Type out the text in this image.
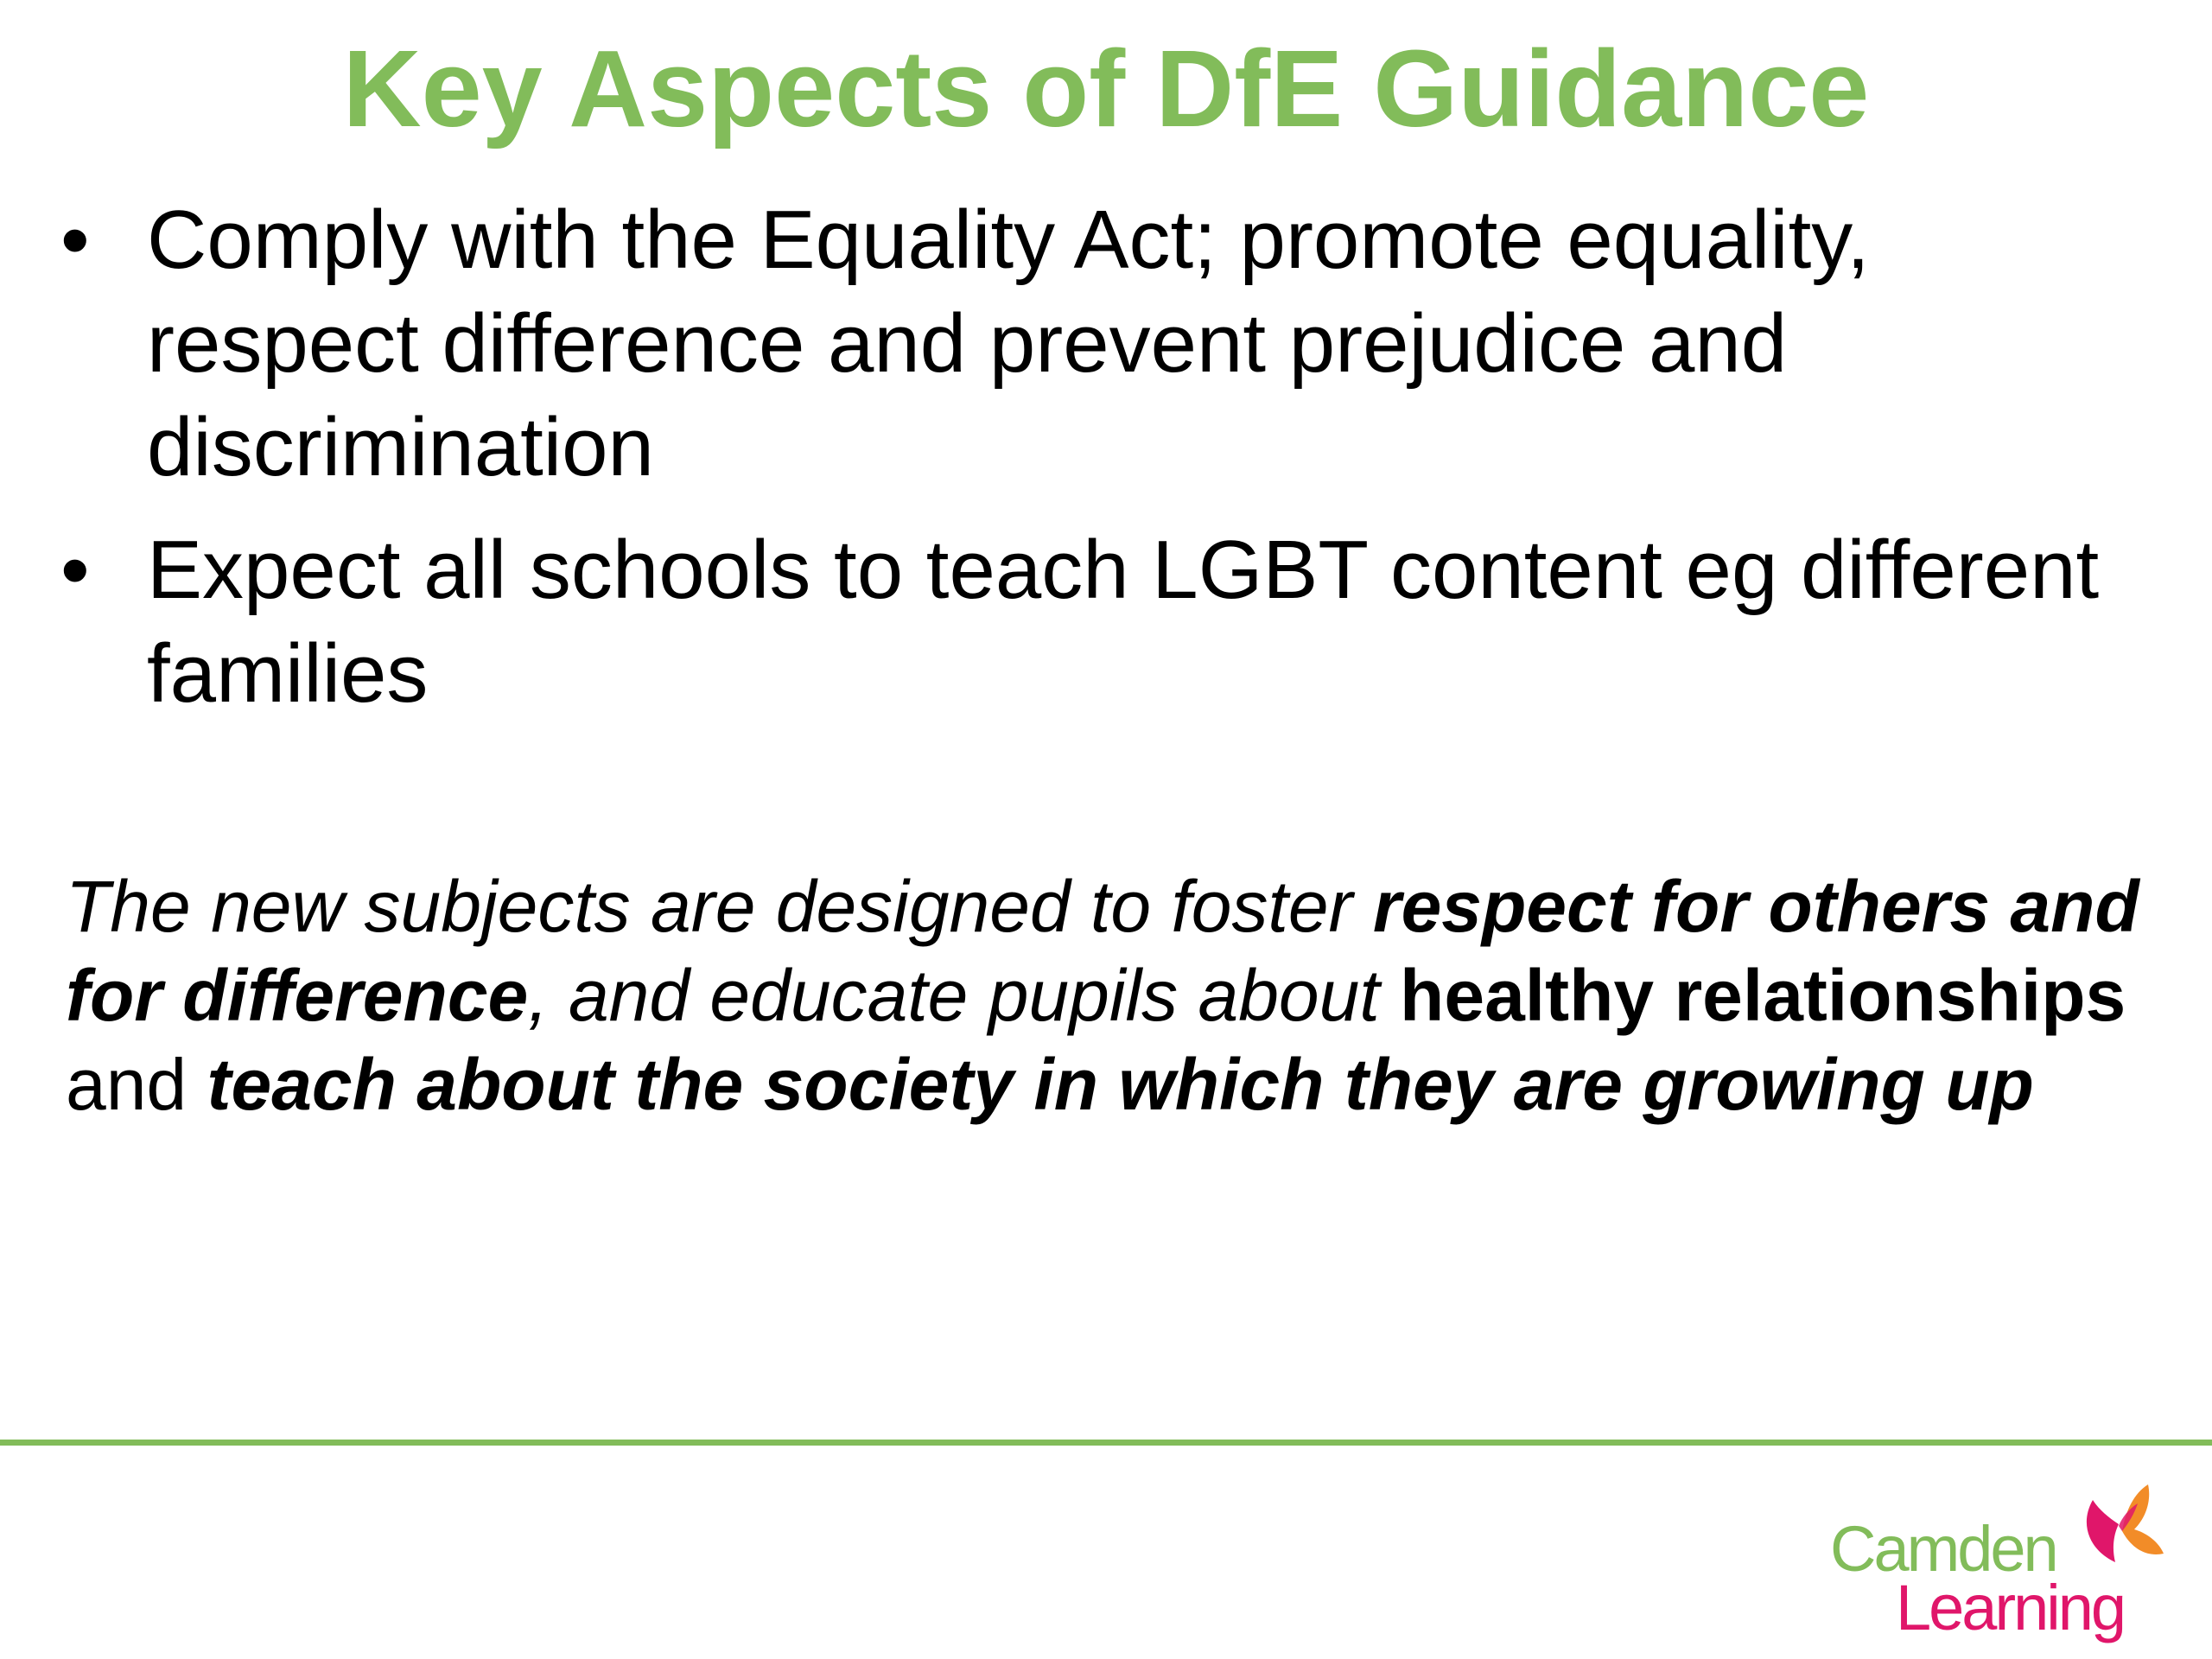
Key Aspects of DfE Guidance
• Comply with the Equality Act; promote equality, respect difference and prevent prejudice and discrimination
• Expect all schools to teach LGBT content eg different families

The new subjects are designed to foster respect for others and for difference, and educate pupils about healthy relationships and teach about the society in which they are growing up

Camden
Learning
